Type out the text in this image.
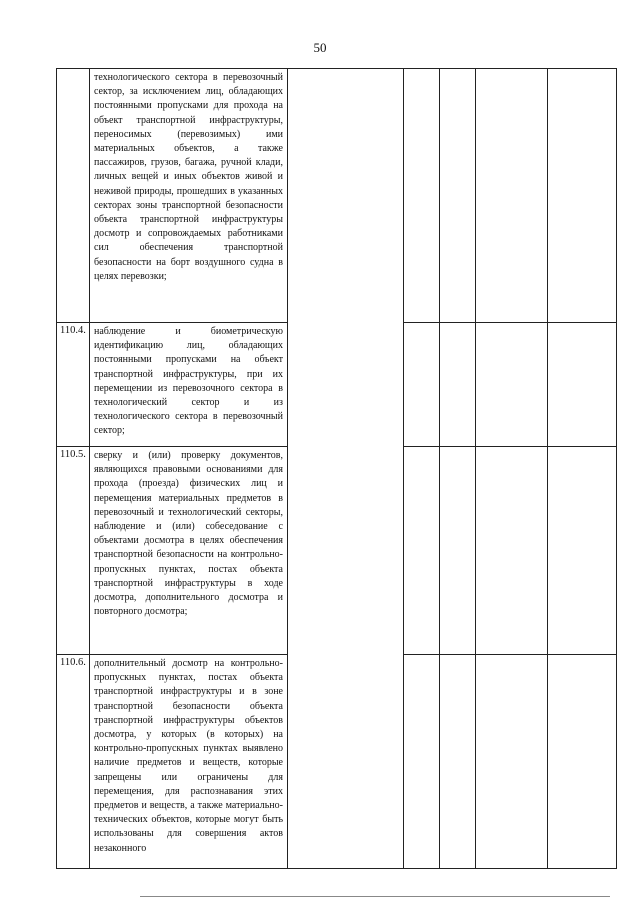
50
	технологического сектора в перевозочный сектор, за исключением лиц, обладающих постоянными пропусками для прохода на объект транспортной инфраструктуры, переносимых (перевозимых) ими материальных объектов, а также пассажиров, грузов, багажа, ручной клади, личных вещей и иных объектов живой и неживой природы, прошедших в указанных секторах зоны транспортной безопасности объекта транспортной инфраструктуры досмотр и сопровождаемых работниками сил обеспечения транспортной безопасности на борт воздушного судна в целях перевозки;					
110.4.	наблюдение и биометрическую идентификацию лиц, обладающих постоянными пропусками на объект транспортной инфраструктуры, при их перемещении из перевозочного сектора в технологический сектор и из технологического сектора в перевозочный сектор;					
110.5.	сверку и (или) проверку документов, являющихся правовыми основаниями для прохода (проезда) физических лиц и перемещения материальных предметов в перевозочный и технологический секторы, наблюдение и (или) собеседование с объектами досмотра в целях обеспечения транспортной безопасности на контрольно-пропускных пунктах, постах объекта транспортной инфраструктуры в ходе досмотра, дополнительного досмотра и повторного досмотра;					
110.6.	дополнительный досмотр на контрольно-пропускных пунктах, постах объекта транспортной инфраструктуры и в зоне транспортной безопасности объекта транспортной инфраструктуры объектов досмотра, у которых (в которых) на контрольно-пропускных пунктах выявлено наличие предметов и веществ, которые запрещены или ограничены для перемещения, для распознавания этих предметов и веществ, а также материально-технических объектов, которые могут быть использованы для совершения актов незаконного					
